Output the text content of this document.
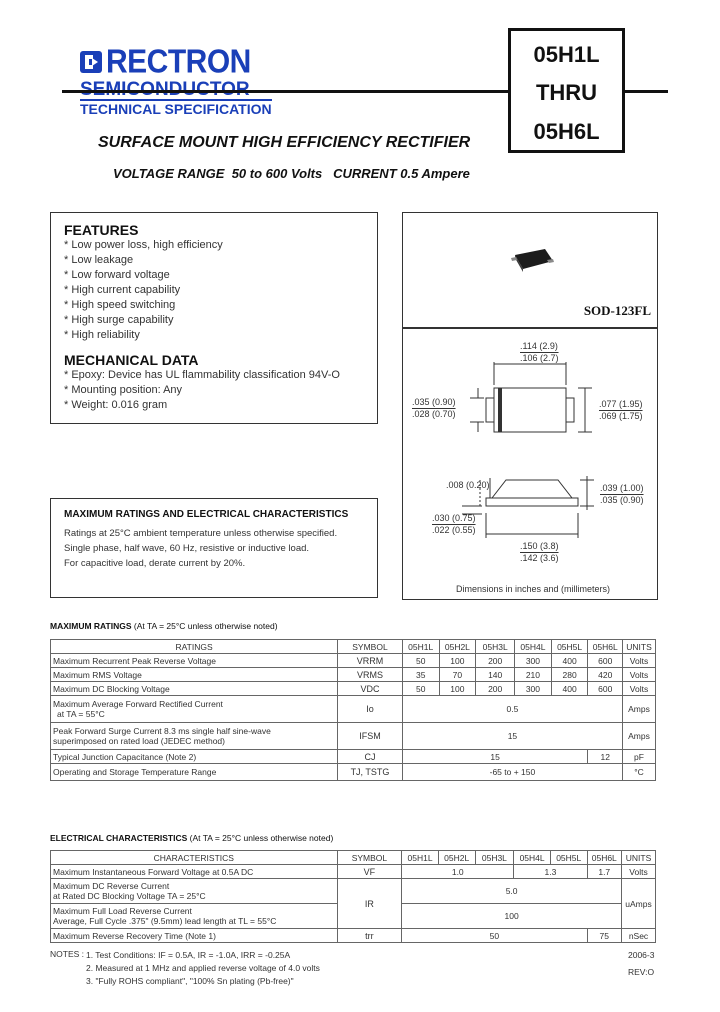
RECTRON
TECHNICAL SPECIFICATION
05H1L
THRU
05H6L
SURFACE MOUNT HIGH EFFICIENCY RECTIFIER
VOLTAGE RANGE  50 to 600 Volts   CURRENT 0.5 Ampere
FEATURES
* Low power loss, high efficiency
* Low leakage
* Low forward voltage
* High current capability
* High speed switching
* High surge capability
* High reliability
MECHANICAL DATA
* Epoxy: Device has UL flammability classification 94V-O
* Mounting position: Any
* Weight: 0.016 gram
MAXIMUM RATINGS AND ELECTRICAL CHARACTERISTICS
Ratings at 25°C ambient temperature unless otherwise specified.
Single phase, half wave, 60 Hz, resistive or inductive load.
For capacitive load, derate current by 20%.
SOD-123FL
.114 (2.9)
.106 (2.7)
.035 (0.90)
.028 (0.70)
.077 (1.95)
.069 (1.75)
.008 (0.20)	.039 (1.00)
.035 (0.90)
.030 (0.75)
.022 (0.55)
.150 (3.8)
.142 (3.6)
Dimensions in inches and (millimeters)
MAXIMUM RATINGS (At TA = 25°C unless otherwise noted)
RATINGS	SYMBOL	05H1L	05H2L	05H3L	05H4L	05H5L	05H6L	UNITS
Maximum Recurrent Peak Reverse Voltage	VRRM	50	100	200	300	400	600	Volts
Maximum RMS Voltage	VRMS	35	70	140	210	280	420	Volts
Maximum DC Blocking Voltage	VDC	50	100	200	300	400	600	Volts

Maximum Average Forward Rectified Current
at TA = 55°C	Io	0.5						Amps

Peak Forward Surge Current 8.3 ms single half sine-wave
superimposed on rated load (JEDEC method)	IFSM	15						Amps
Typical Junction Capacitance (Note 2)	CJ	15					12	pF
Operating and Storage Temperature Range	TJ, TSTG	-65 to + 150						°C
ELECTRICAL CHARACTERISTICS (At TA = 25°C unless otherwise noted)
CHARACTERISTICS	SYMBOL	05H1L	05H2L	05H3L	05H4L	05H5L	05H6L	UNITS
Maximum Instantaneous Forward Voltage at 0.5A DC	VF	1.0			1.3		1.7	Volts

Maximum DC Reverse Current
at Rated DC Blocking Voltage TA = 25°C	IR	5.0						uAmps

Maximum Full Load Reverse Current
Average, Full Cycle .375" (9.5mm) lead length at TL = 55°C		100						
Maximum Reverse Recovery Time (Note 1)	trr	50					75	nSec
NOTES : 1. Test Conditions: IF = 0.5A, IR = -1.0A, IRR = -0.25A
2. Measured at 1 MHz and applied reverse voltage of 4.0 volts
3. "Fully ROHS compliant", "100% Sn plating (Pb-free)"
2006-3
REV:O
